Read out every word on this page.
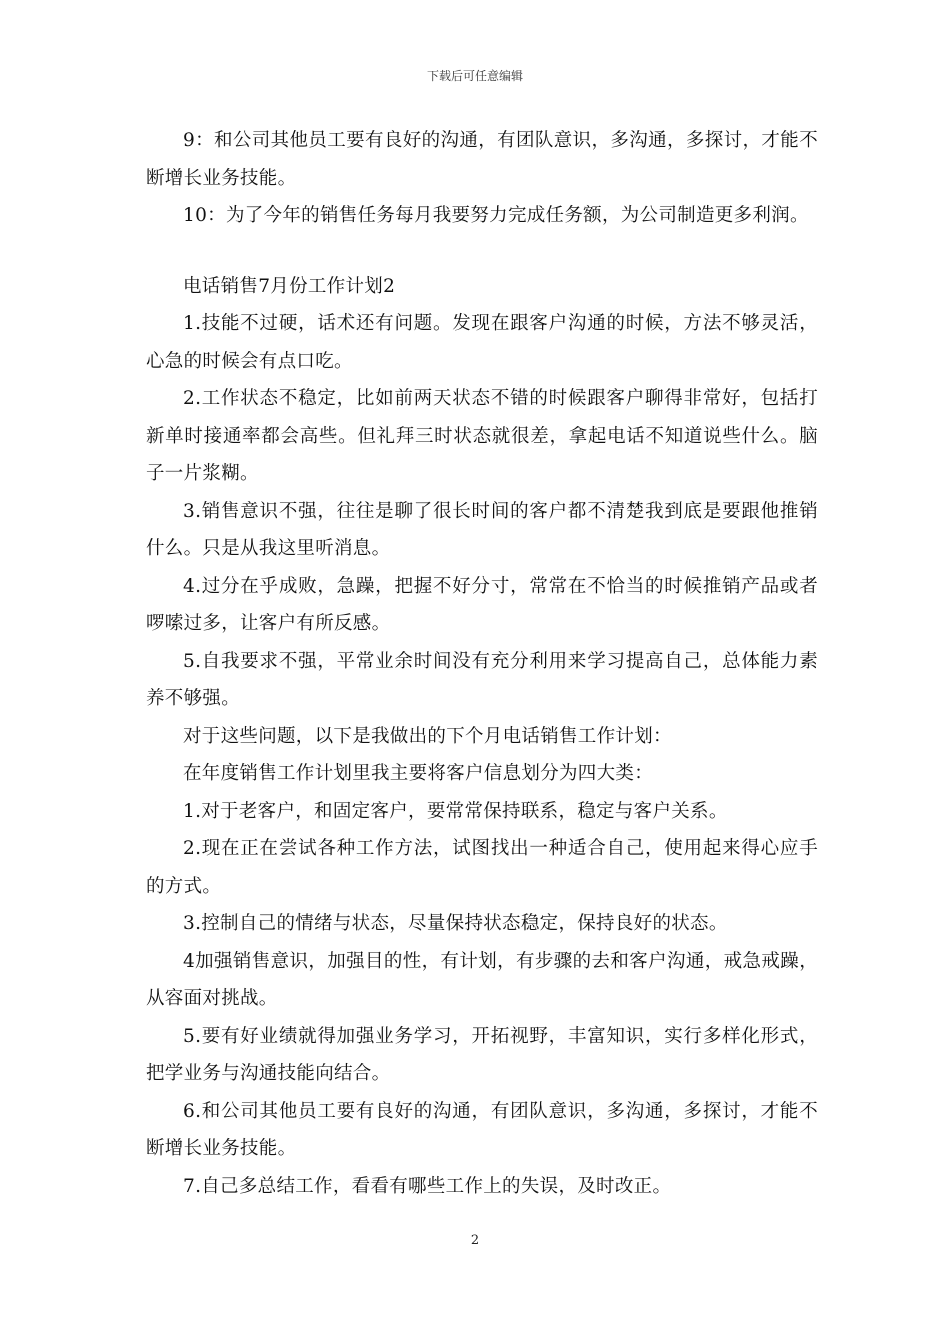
下载后可任意编辑

9：和公司其他员工要有良好的沟通，有团队意识，多沟通，多探讨，才能不断增长业务技能。

10：为了今年的销售任务每月我要努力完成任务额，为公司制造更多利润。

电话销售7月份工作计划2

1.技能不过硬，话术还有问题。发现在跟客户沟通的时候，方法不够灵活，心急的时候会有点口吃。

2.工作状态不稳定，比如前两天状态不错的时候跟客户聊得非常好，包括打新单时接通率都会高些。但礼拜三时状态就很差，拿起电话不知道说些什么。脑子一片浆糊。

3.销售意识不强，往往是聊了很长时间的客户都不清楚我到底是要跟他推销什么。只是从我这里听消息。

4.过分在乎成败，急躁，把握不好分寸，常常在不恰当的时候推销产品或者啰嗦过多，让客户有所反感。

5.自我要求不强，平常业余时间没有充分利用来学习提高自己，总体能力素养不够强。

对于这些问题，以下是我做出的下个月电话销售工作计划：

在年度销售工作计划里我主要将客户信息划分为四大类：

1.对于老客户，和固定客户，要常常保持联系，稳定与客户关系。

2.现在正在尝试各种工作方法，试图找出一种适合自己，使用起来得心应手的方式。

3.控制自己的情绪与状态，尽量保持状态稳定，保持良好的状态。

4加强销售意识，加强目的性，有计划，有步骤的去和客户沟通，戒急戒躁，从容面对挑战。

5.要有好业绩就得加强业务学习，开拓视野，丰富知识，实行多样化形式，把学业务与沟通技能向结合。

6.和公司其他员工要有良好的沟通，有团队意识，多沟通，多探讨，才能不断增长业务技能。

7.自己多总结工作，看看有哪些工作上的失误，及时改正。

2
